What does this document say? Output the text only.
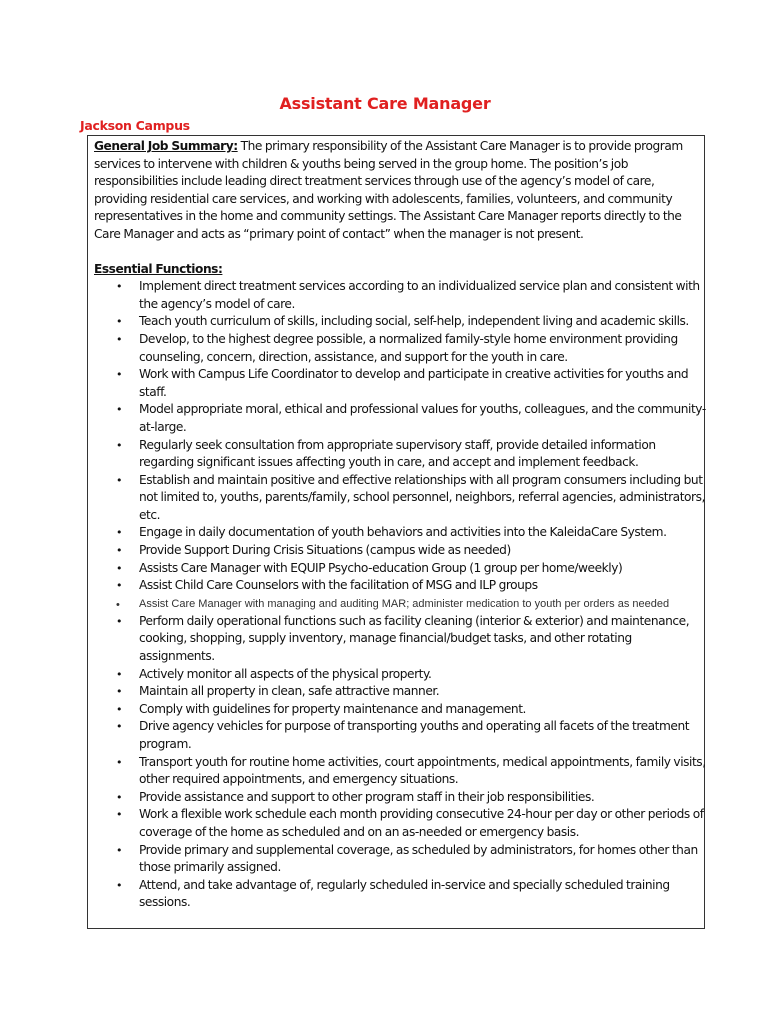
Assistant Care Manager
Jackson Campus

General Job Summary: The primary responsibility of the Assistant Care Manager is to provide program services to intervene with children & youths being served in the group home. The position’s job responsibilities include leading direct treatment services through use of the agency’s model of care, providing residential care services, and working with adolescents, families, volunteers, and community representatives in the home and community settings. The Assistant Care Manager reports directly to the Care Manager and acts as “primary point of contact” when the manager is not present.

Essential Functions:
• Implement direct treatment services according to an individualized service plan and consistent with the agency’s model of care.
• Teach youth curriculum of skills, including social, self-help, independent living and academic skills.
• Develop, to the highest degree possible, a normalized family-style home environment providing counseling, concern, direction, assistance, and support for the youth in care.
• Work with Campus Life Coordinator to develop and participate in creative activities for youths and staff.
• Model appropriate moral, ethical and professional values for youths, colleagues, and the community-at-large.
• Regularly seek consultation from appropriate supervisory staff, provide detailed information regarding significant issues affecting youth in care, and accept and implement feedback.
• Establish and maintain positive and effective relationships with all program consumers including but not limited to, youths, parents/family, school personnel, neighbors, referral agencies, administrators, etc.
• Engage in daily documentation of youth behaviors and activities into the KaleidaCare System.
• Provide Support During Crisis Situations (campus wide as needed)
• Assists Care Manager with EQUIP Psycho-education Group (1 group per home/weekly)
• Assist Child Care Counselors with the facilitation of MSG and ILP groups
• Assist Care Manager with managing and auditing MAR; administer medication to youth per orders as needed
• Perform daily operational functions such as facility cleaning (interior & exterior) and maintenance, cooking, shopping, supply inventory, manage financial/budget tasks, and other rotating assignments.
• Actively monitor all aspects of the physical property.
• Maintain all property in clean, safe attractive manner.
• Comply with guidelines for property maintenance and management.
• Drive agency vehicles for purpose of transporting youths and operating all facets of the treatment program.
• Transport youth for routine home activities, court appointments, medical appointments, family visits, other required appointments, and emergency situations.
• Provide assistance and support to other program staff in their job responsibilities.
• Work a flexible work schedule each month providing consecutive 24-hour per day or other periods of coverage of the home as scheduled and on an as-needed or emergency basis.
• Provide primary and supplemental coverage, as scheduled by administrators, for homes other than those primarily assigned.
• Attend, and take advantage of, regularly scheduled in-service and specially scheduled training sessions.
